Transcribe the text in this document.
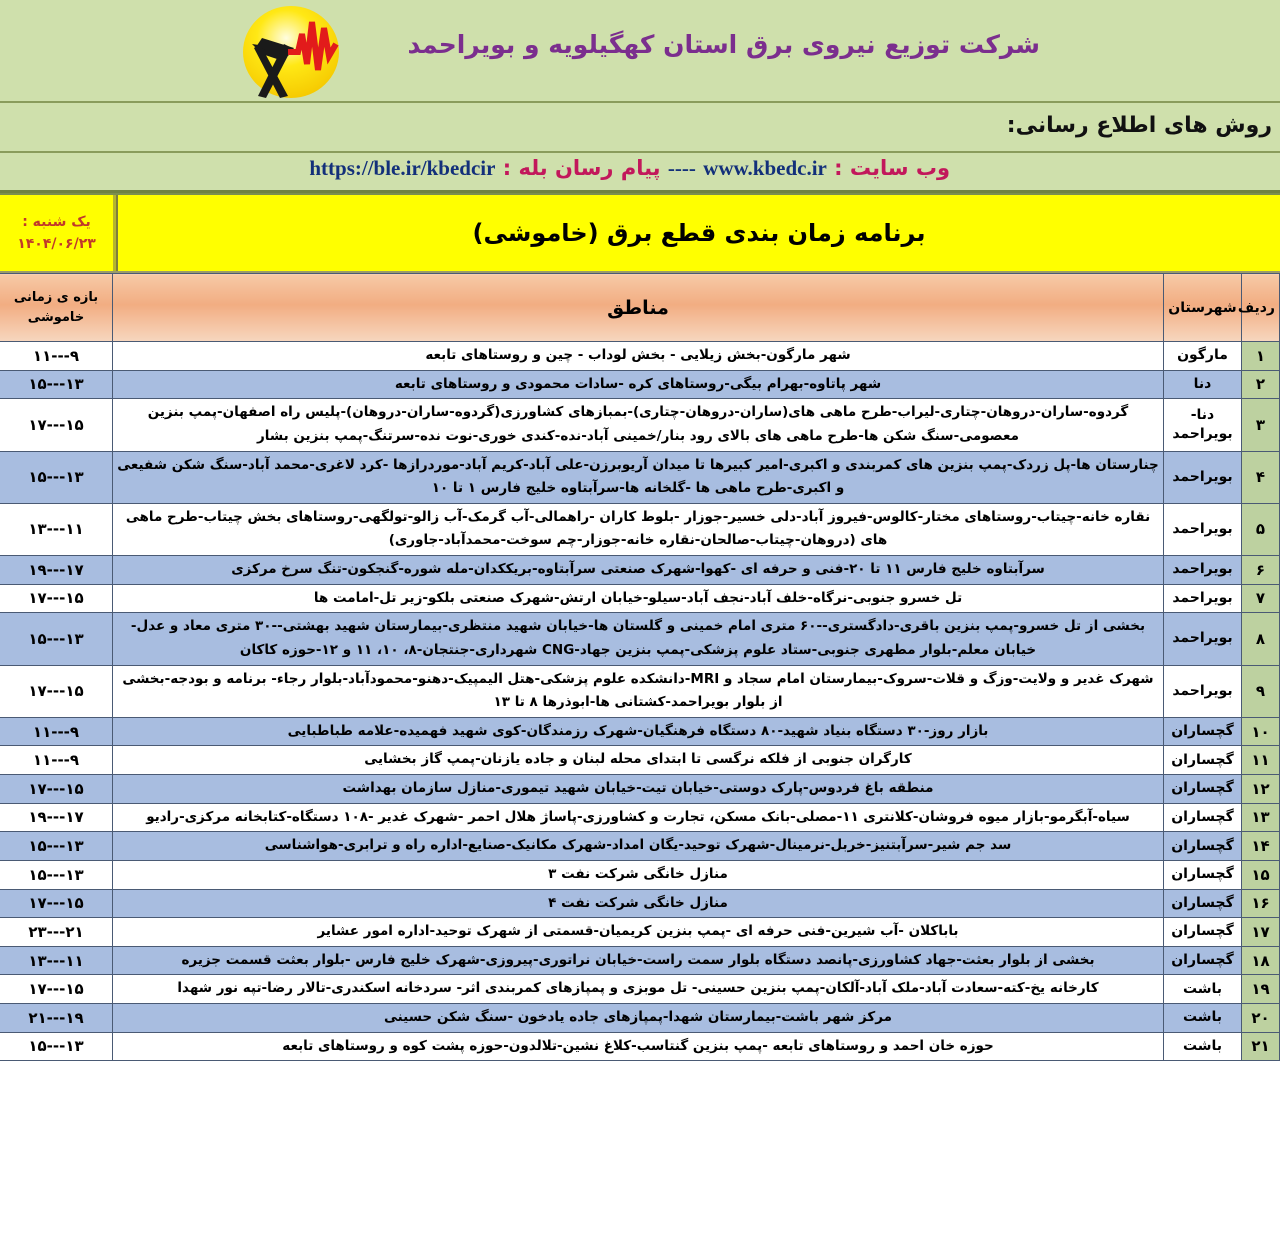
شرکت توزیع نیروی برق استان کهگیلویه و بویراحمد
روش های اطلاع رسانی:
وب سایت : www.kbedc.ir ---- پیام رسان بله : https://ble.ir/kbedcir
یک شنبه :
۱۴۰۴/۰۶/۲۳	برنامه زمان بندی قطع برق (خاموشی)
ردیف	شهرستان	مناطق	بازه ی زمانی
خاموشی

۱	مارگون	شهر مارگون-بخش زیلایی - بخش لوداب - چین و روستاهای تابعه	۹---۱۱
۲	دنا	شهر پاتاوه-بهرام بیگی-روستاهای کره -سادات محمودی و روستاهای تابعه	۱۳---۱۵
۳	دنا-بویراحمد	گردوه-ساران-دروهان-چتاری-لیراب-طرح ماهی های(ساران-دروهان-چتاری)-بمبازهای کشاورزی(گردوه-ساران-دروهان)-پلیس راه اصفهان-پمپ بنزین معصومی-سنگ شکن ها-طرح ماهی های بالای رود بنار/خمینی آباد-نده-کندی خوری-نوت نده-سرتنگ-پمپ بنزین بشار	۱۵---۱۷
۴	بویراحمد	چنارستان ها-پل زردک-پمپ بنزین های کمربندی و اکبری-امیر کبیرها تا میدان آریوبرزن-علی آباد-کریم آباد-موردرازها -کرد لاغری-محمد آباد-سنگ شکن شفیعی و اکبری-طرح ماهی ها -گلخانه ها-سرآبتاوه خلیج فارس ۱ تا ۱۰	۱۳---۱۵
۵	بویراحمد	نقاره خانه-چیتاب-روستاهای مختار-کالوس-فیروز آباد-دلی خسیر-جوزار -بلوط کاران -راهمالی-آب گرمک-آب زالو-تولگهی-روستاهای بخش چیتاب-طرح ماهی های (دروهان-چیتاب-صالحان-نقاره خانه-جوزار-چم سوخت-محمدآباد-جاوری)	۱۱---۱۳
۶	بویراحمد	سرآبتاوه خلیج فارس ۱۱ تا ۲۰-فنی و حرفه ای -کهوا-شهرک صنعتی سرآبتاوه-بریککدان-مله شوره-گنجکون-تنگ سرخ مرکزی	۱۷---۱۹
۷	بویراحمد	تل خسرو جنوبی-نرگاه-خلف آباد-نجف آباد-سیلو-خیابان ارتش-شهرک صنعتی بلکو-زیر تل-امامت ها	۱۵---۱۷
۸	بویراحمد	بخشی از تل خسرو-پمپ بنزین باقری-دادگستری--۶۰ متری امام خمینی و گلستان ها-خیابان شهید منتظری-بیمارستان شهید بهشتی--۳۰ متری معاد و عدل-خیابان معلم-بلوار مطهری جنوبی-ستاد علوم پزشکی-پمپ بنزین جهاد-CNG شهرداری-جنتجان-۸، ۱۰، ۱۱ و ۱۲-حوزه کاکان	۱۳---۱۵
۹	بویراحمد	شهرک غدیر و ولایت-وزگ و قلات-سروک-بیمارستان امام سجاد و MRI-دانشکده علوم پزشکی-هتل الیمپیک-دهنو-محمودآباد-بلوار رجاء- برنامه و بودجه-بخشی از بلوار بویراحمد-کشتانی ها-ابوذرها ۸ تا ۱۳	۱۵---۱۷
۱۰	گچساران	بازار روز-۳۰ دستگاه بنیاد شهید-۸۰ دستگاه فرهنگیان-شهرک رزمندگان-کوی شهید فهمیده-علامه طباطبایی	۹---۱۱
۱۱	گچساران	کارگران جنوبی از فلکه نرگسی تا ابتدای محله لبنان و جاده یازنان-پمپ گاز بخشایی	۹---۱۱
۱۲	گچساران	منطقه باغ فردوس-پارک دوستی-خیابان تیت-خیابان شهید تیموری-منازل سازمان بهداشت	۱۵---۱۷
۱۳	گچساران	سیاه-آبگرمو-بازار میوه فروشان-کلانتری ۱۱-مصلی-بانک مسکن، تجارت و کشاورزی-پاساژ هلال احمر -شهرک غدیر -۱۰۸ دستگاه-کتابخانه مرکزی-رادیو	۱۷---۱۹
۱۴	گچساران	سد جم شیر-سرآبتنیز-خربل-نرمینال-شهرک توحید-یگان امداد-شهرک مکانیک-صنایع-اداره راه و ترابری-هواشناسی	۱۳---۱۵
۱۵	گچساران	منازل خانگی شرکت نفت ۳	۱۳---۱۵
۱۶	گچساران	منازل خانگی شرکت نفت ۴	۱۵---۱۷
۱۷	گچساران	باباکلان -آب شیرین-فنی حرفه ای -پمپ بنزین کریمیان-قسمتی از شهرک توحید-اداره امور عشایر	۲۱---۲۳
۱۸	گچساران	بخشی از بلوار بعثت-جهاد کشاورزی-پانصد دستگاه بلوار سمت راست-خیابان نراتوری-پیروزی-شهرک خلیج فارس -بلوار بعثت قسمت جزیره	۱۱---۱۳
۱۹	باشت	کارخانه یخ-کته-سعادت آباد-ملک آباد-آلکان-پمپ بنزین حسینی- تل موبزی و پمپازهای کمربندی اثر- سردخانه اسکندری-تالار رضا-تپه نور شهدا	۱۵---۱۷
۲۰	باشت	مرکز شهر باشت-بیمارستان شهدا-پمپازهای جاده یادخون -سنگ شکن حسینی	۱۹---۲۱
۲۱	باشت	حوزه خان احمد و روستاهای تابعه -پمپ بنزین گنتاسب-کلاغ نشین-تلالدون-حوزه پشت کوه و روستاهای تابعه	۱۳---۱۵
